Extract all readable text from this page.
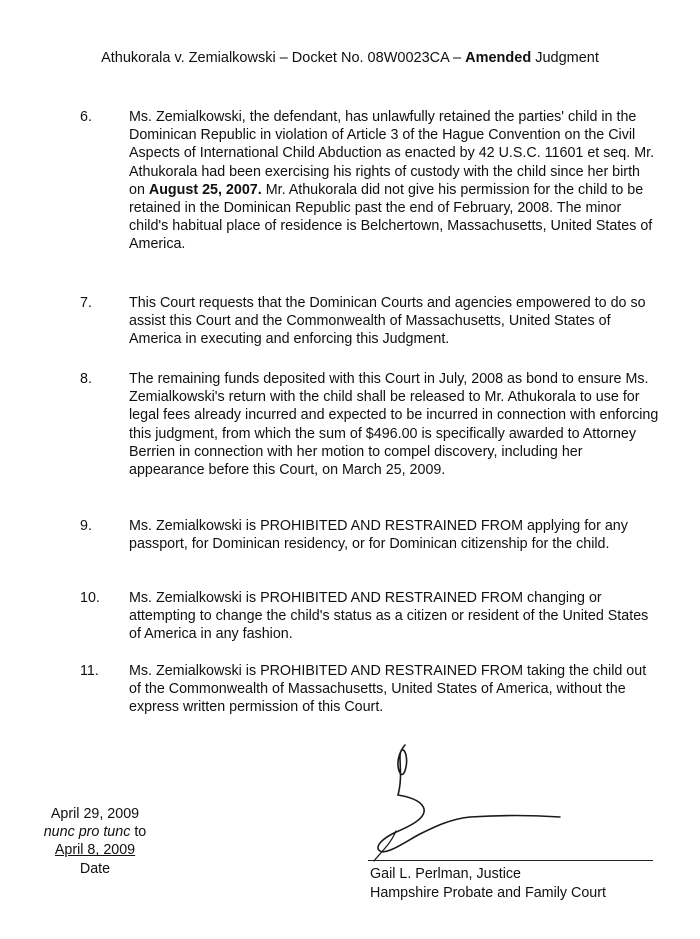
Athukorala v. Zemialkowski – Docket No. 08W0023CA – Amended Judgment
6.	Ms. Zemialkowski, the defendant, has unlawfully retained the parties' child in the Dominican Republic in violation of Article 3 of the Hague Convention on the Civil Aspects of International Child Abduction as enacted by 42 U.S.C. 11601 et seq. Mr. Athukorala had been exercising his rights of custody with the child since her birth on August 25, 2007. Mr. Athukorala did not give his permission for the child to be retained in the Dominican Republic past the end of February, 2008. The minor child's habitual place of residence is Belchertown, Massachusetts, United States of America.
7.	This Court requests that the Dominican Courts and agencies empowered to do so assist this Court and the Commonwealth of Massachusetts, United States of America in executing and enforcing this Judgment.
8.	The remaining funds deposited with this Court in July, 2008 as bond to ensure Ms. Zemialkowski's return with the child shall be released to Mr. Athukorala to use for legal fees already incurred and expected to be incurred in connection with enforcing this judgment, from which the sum of $496.00 is specifically awarded to Attorney Berrien in connection with her motion to compel discovery, including her appearance before this Court, on March 25, 2009.
9.	Ms. Zemialkowski is PROHIBITED AND RESTRAINED FROM applying for any passport, for Dominican residency, or for Dominican citizenship for the child.
10. Ms. Zemialkowski is PROHIBITED AND RESTRAINED FROM changing or attempting to change the child's status as a citizen or resident of the United States of America in any fashion.
11. Ms. Zemialkowski is PROHIBITED AND RESTRAINED FROM taking the child out of the Commonwealth of Massachusetts, United States of America, without the express written permission of this Court.
April 29, 2009
nunc pro tunc to
April 8, 2009
Date	Gail L. Perlman, Justice
Hampshire Probate and Family Court
